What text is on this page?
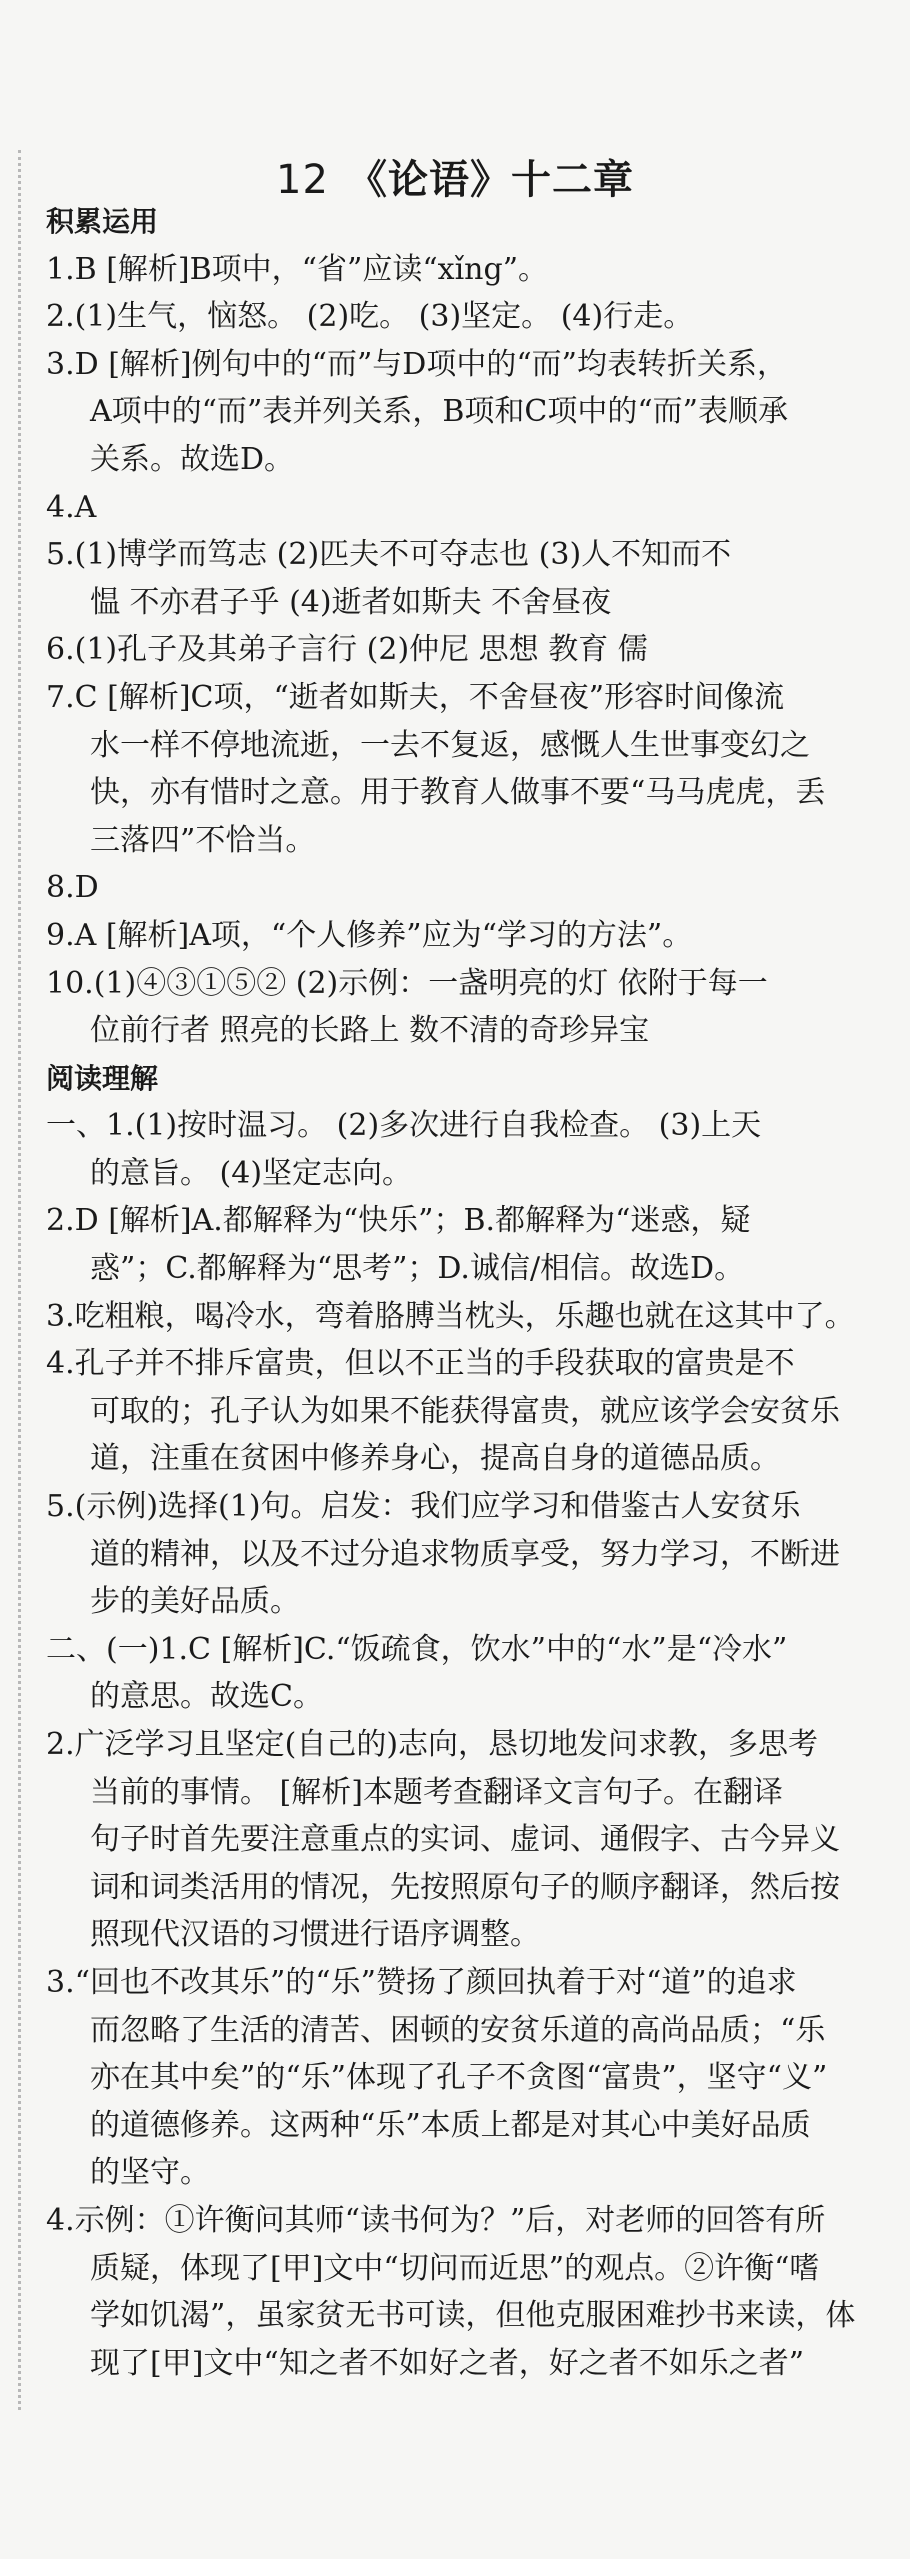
12 《论语》十二章
积累运用
1.B [解析]B项中，“省”应读“xǐng”。
2.(1)生气，恼怒。 (2)吃。 (3)坚定。 (4)行走。
3.D [解析]例句中的“而”与D项中的“而”均表转折关系，
A项中的“而”表并列关系，B项和C项中的“而”表顺承
关系。故选D。
4.A
5.(1)博学而笃志 (2)匹夫不可夺志也 (3)人不知而不
愠 不亦君子乎 (4)逝者如斯夫 不舍昼夜
6.(1)孔子及其弟子言行 (2)仲尼 思想 教育 儒
7.C [解析]C项，“逝者如斯夫，不舍昼夜”形容时间像流
水一样不停地流逝，一去不复返，感慨人生世事变幻之
快，亦有惜时之意。用于教育人做事不要“马马虎虎，丢
三落四”不恰当。
8.D
9.A [解析]A项，“个人修养”应为“学习的方法”。
10.(1)④③①⑤② (2)示例：一盏明亮的灯 依附于每一
位前行者 照亮的长路上 数不清的奇珍异宝
阅读理解
一、1.(1)按时温习。 (2)多次进行自我检查。 (3)上天
的意旨。 (4)坚定志向。
2.D [解析]A.都解释为“快乐”；B.都解释为“迷惑，疑
惑”；C.都解释为“思考”；D.诚信/相信。故选D。
3.吃粗粮，喝冷水，弯着胳膊当枕头，乐趣也就在这其中了。
4.孔子并不排斥富贵，但以不正当的手段获取的富贵是不
可取的；孔子认为如果不能获得富贵，就应该学会安贫乐
道，注重在贫困中修养身心，提高自身的道德品质。
5.(示例)选择(1)句。启发：我们应学习和借鉴古人安贫乐
道的精神，以及不过分追求物质享受，努力学习，不断进
步的美好品质。
二、(一)1.C [解析]C.“饭疏食，饮水”中的“水”是“冷水”
的意思。故选C。
2.广泛学习且坚定(自己的)志向，恳切地发问求教，多思考
当前的事情。 [解析]本题考查翻译文言句子。在翻译
句子时首先要注意重点的实词、虚词、通假字、古今异义
词和词类活用的情况，先按照原句子的顺序翻译，然后按
照现代汉语的习惯进行语序调整。
3.“回也不改其乐”的“乐”赞扬了颜回执着于对“道”的追求
而忽略了生活的清苦、困顿的安贫乐道的高尚品质；“乐
亦在其中矣”的“乐”体现了孔子不贪图“富贵”，坚守“义”
的道德修养。这两种“乐”本质上都是对其心中美好品质
的坚守。
4.示例：①许衡问其师“读书何为？”后，对老师的回答有所
质疑，体现了[甲]文中“切问而近思”的观点。②许衡“嗜
学如饥渴”，虽家贫无书可读，但他克服困难抄书来读，体
现了[甲]文中“知之者不如好之者，好之者不如乐之者”
